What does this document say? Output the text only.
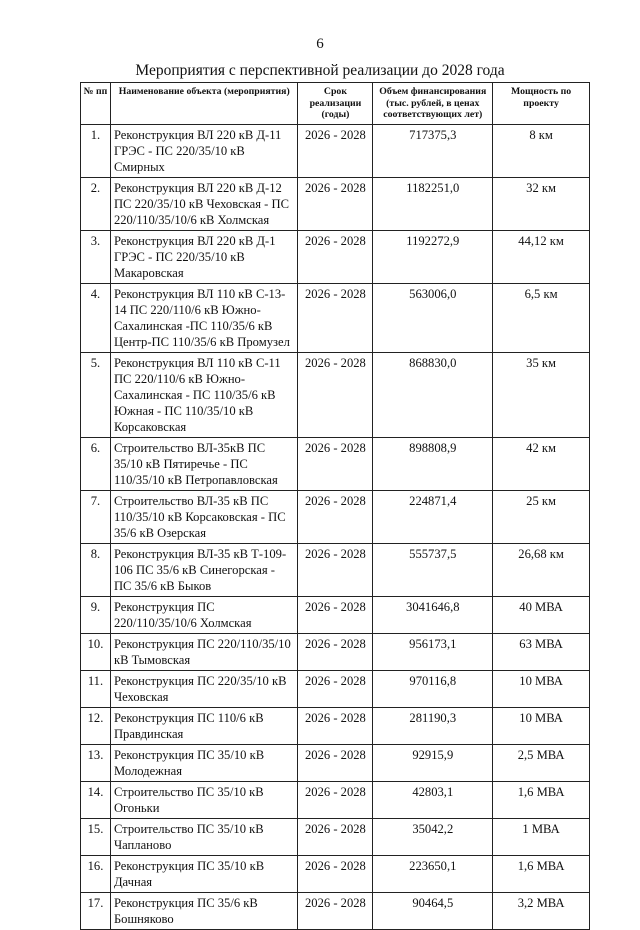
6
Мероприятия с перспективной реализации до 2028 года
№ пп	Наименование объекта (мероприятия)	Срок реализации (годы)	Объем финансирования (тыс. рублей, в ценах соответствующих лет)	Мощность по проекту
1.	Реконструкция ВЛ 220 кВ Д-11 ГРЭС - ПС 220/35/10 кВ Смирных	2026 - 2028	717375,3	8 км
2.	Реконструкция ВЛ 220 кВ Д-12 ПС 220/35/10 кВ Чеховская - ПС 220/110/35/10/6 кВ Холмская	2026 - 2028	1182251,0	32 км
3.	Реконструкция ВЛ 220 кВ Д-1 ГРЭС - ПС 220/35/10 кВ Макаровская	2026 - 2028	1192272,9	44,12 км
4.	Реконструкция ВЛ 110 кВ С-13-14 ПС 220/110/6 кВ Южно-Сахалинская -ПС 110/35/6 кВ Центр-ПС 110/35/6 кВ Промузел	2026 - 2028	563006,0	6,5 км
5.	Реконструкция ВЛ 110 кВ С-11 ПС 220/110/6 кВ Южно-Сахалинская - ПС 110/35/6 кВ Южная - ПС 110/35/10 кВ Корсаковская	2026 - 2028	868830,0	35 км
6.	Строительство ВЛ-35кВ ПС 35/10 кВ Пятиречье - ПС 110/35/10 кВ Петропавловская	2026 - 2028	898808,9	42 км
7.	Строительство ВЛ-35 кВ ПС 110/35/10 кВ Корсаковская - ПС 35/6 кВ Озерская	2026 - 2028	224871,4	25 км
8.	Реконструкция ВЛ-35 кВ Т-109-106 ПС 35/6 кВ Синегорская - ПС 35/6 кВ Быков	2026 - 2028	555737,5	26,68 км
9.	Реконструкция ПС 220/110/35/10/6 Холмская	2026 - 2028	3041646,8	40 МВА
10.	Реконструкция ПС 220/110/35/10 кВ Тымовская	2026 - 2028	956173,1	63 МВА
11.	Реконструкция ПС 220/35/10 кВ Чеховская	2026 - 2028	970116,8	10 МВА
12.	Реконструкция ПС 110/6 кВ Правдинская	2026 - 2028	281190,3	10 МВА
13.	Реконструкция ПС 35/10 кВ Молодежная	2026 - 2028	92915,9	2,5 МВА
14.	Строительство ПС 35/10 кВ Огоньки	2026 - 2028	42803,1	1,6 МВА
15.	Строительство ПС 35/10 кВ Чапланово	2026 - 2028	35042,2	1 МВА
16.	Реконструкция ПС 35/10 кВ Дачная	2026 - 2028	223650,1	1,6 МВА
17.	Реконструкция ПС 35/6 кВ Бошняково	2026 - 2028	90464,5	3,2 МВА
